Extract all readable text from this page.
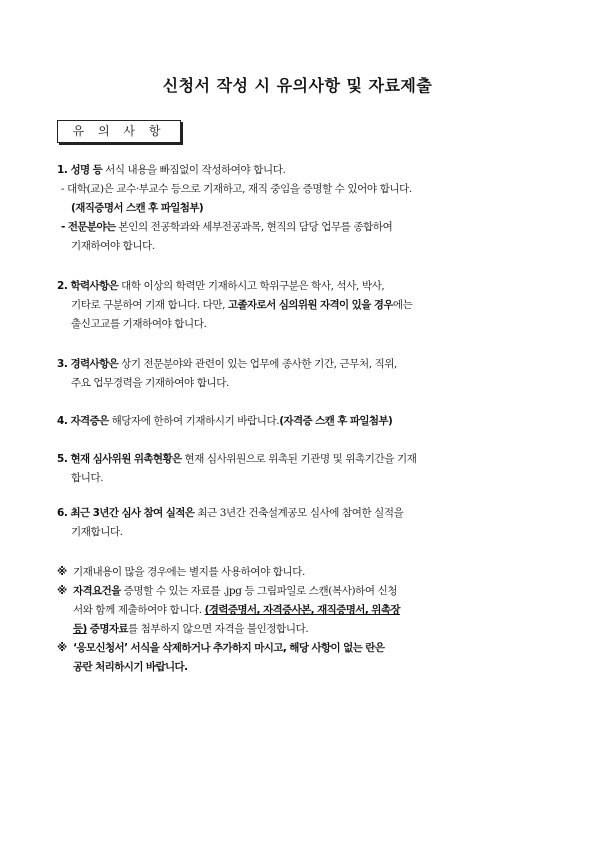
신청서 작성 시 유의사항 및 자료제출
유 의 사 항
1. 성명 등 서식 내용을 빠짐없이 작성하여야 합니다.
- 대학(교)은 교수·부교수 등으로 기재하고, 재직 중임을 증명할 수 있어야 합니다.
(재직증명서 스캔 후 파일첨부)
- 전문분야는 본인의 전공학과와 세부전공과목, 현직의 담당 업무를 종합하여
기재하여야 합니다.
2. 학력사항은 대학 이상의 학력만 기재하시고 학위구분은 학사, 석사, 박사,
기타로 구분하여 기재 합니다. 다만, 고졸자로서 심의위원 자격이 있을 경우에는
출신고교를 기재하여야 합니다.
3. 경력사항은 상기 전문분야와 관련이 있는 업무에 종사한 기간, 근무처, 직위,
주요 업무경력을 기재하여야 합니다.
4. 자격증은 해당자에 한하여 기재하시기 바랍니다.(자격증 스캔 후 파일첨부)
5. 현재 심사위원 위촉현황은 현재 심사위원으로 위촉된 기관명 및 위촉기간을 기재
합니다.
6. 최근 3년간 심사 참여 실적은 최근 3년간 건축설계공모 심사에 참여한 실적을
기재합니다.
※ 기재내용이 많을 경우에는 별지를 사용하여야 합니다.
※ 자격요건을 증명할 수 있는 자료를 .jpg 등 그림파일로 스캔(복사)하여 신청
서와 함께 제출하여야 합니다. (경력증명서, 자격증사본, 재직증명서, 위촉장
등) 증명자료를 첨부하지 않으면 자격을 불인정합니다.
※ ‘응모신청서’ 서식을 삭제하거나 추가하지 마시고, 해당 사항이 없는 란은
공란 처리하시기 바랍니다.
